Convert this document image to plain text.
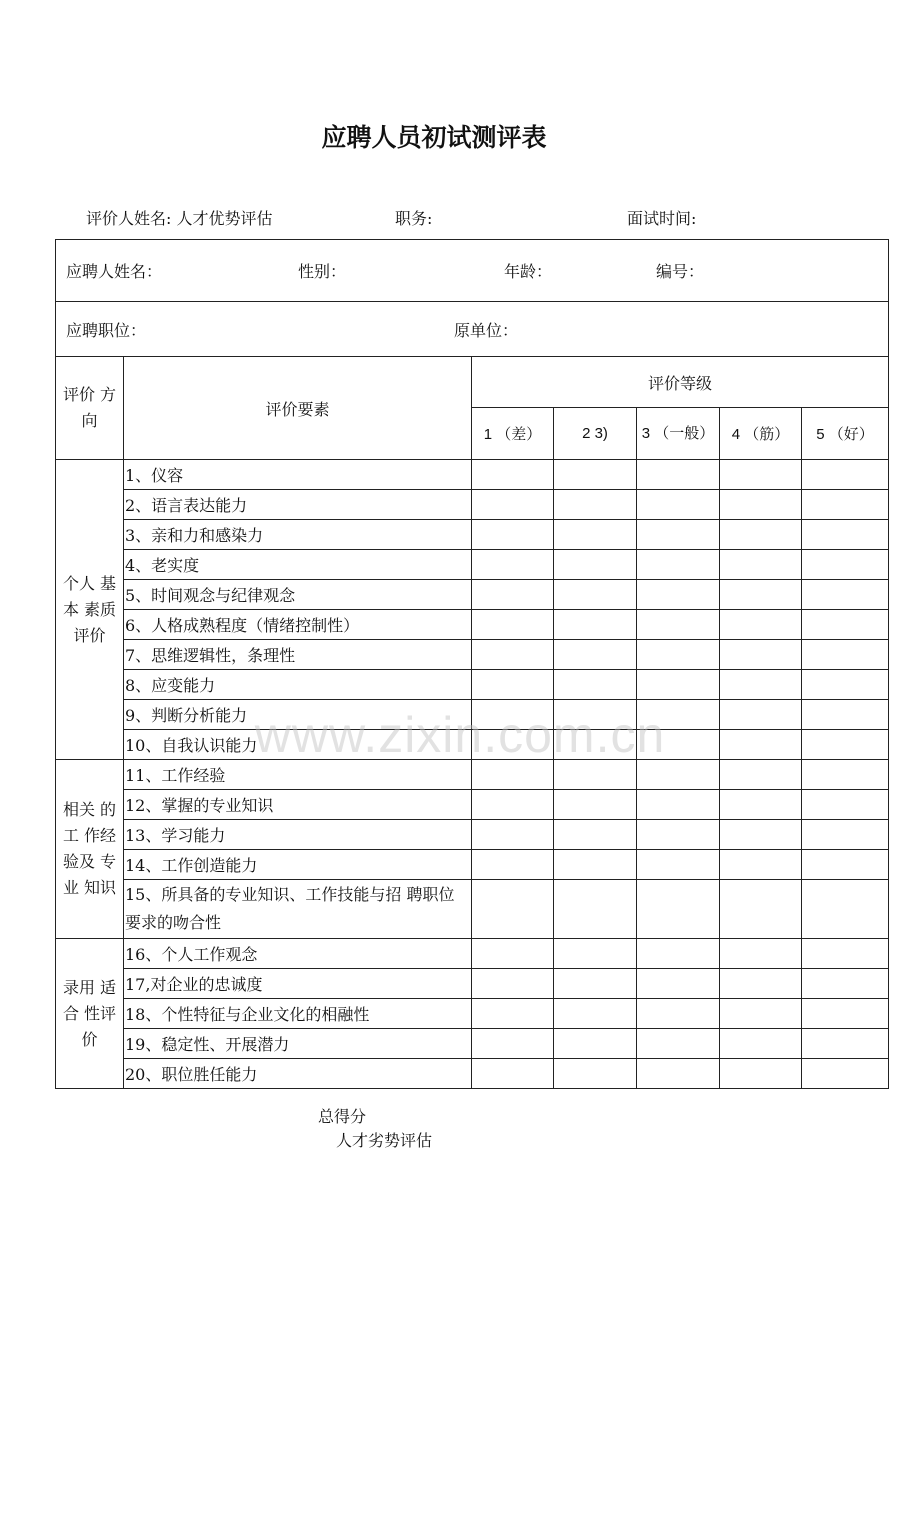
应聘人员初试测评表
评价人姓名: 人才优势评估	职务:	面试时间:
应聘人姓名： 性别： 年龄： 编号：						
应聘职位： 原单位：						
评价 方向	评价要素	评价等级				
		1 （差）	2 3)	3 （一般）	4 （筋）	5 （好）
个人 基本 素质评价	1、仪容					
	2、语言表达能力					
	3、亲和力和感染力					
	4、老实度					
	5、时间观念与纪律观念					
	6、人格成熟程度（情绪控制性）					
	7、思维逻辑性，条理性					
	8、应变能力					
	9、判断分析能力					
	10、自我认识能力					
相关 的工 作经验及 专业 知识	11、工作经验					
	12、掌握的专业知识					
	13、学习能力					
	14、工作创造能力					
	15、所具备的专业知识、工作技能与招 聘职位要求的吻合性					
录用 适合 性评价	16、个人工作观念					
	17,对企业的忠诚度					
	18、个性特征与企业文化的相融性					
	19、稳定性、开展潜力					
	20、职位胜任能力					
www.zixin.com.cn
总得分
人才劣势评估
